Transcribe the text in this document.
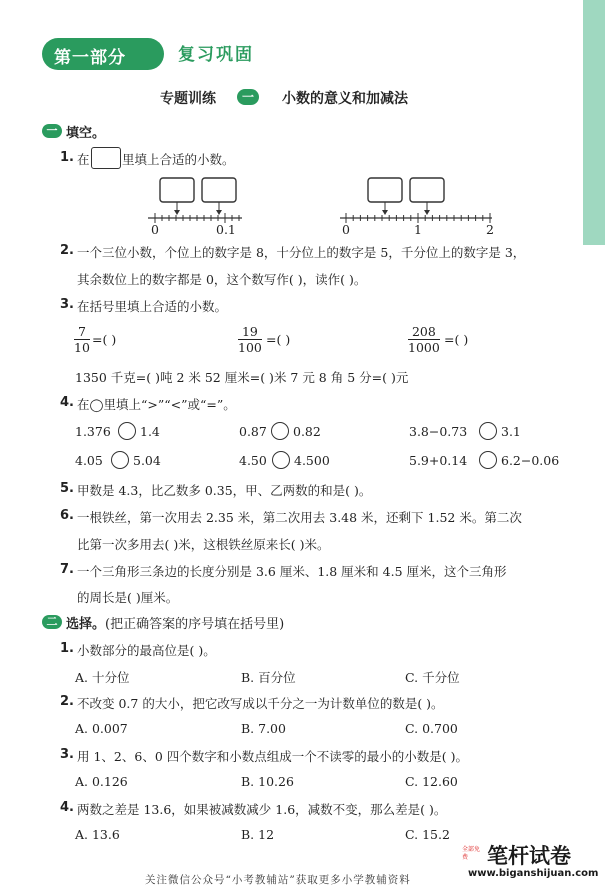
第一部分	复习巩固
专题训练	一	小数的意义和加减法
一 填空。
1. 在	里填上合适的小数。
0	0.1	0	1	2
2. 一个三位小数，个位上的数字是 8，十分位上的数字是 5，千分位上的数字是 3，
其余数位上的数字都是 0，这个数写作( )，读作( )。
3. 在括号里填上合适的小数。
$\frac{7}{10}$ =( )	$\frac{19}{100}$ =( )	$\frac{208}{1000}$ =( )
1350 千克=( )吨 2 米 52 厘米=( )米 7 元 8 角 5 分=( )元
4. 在◯里填上“>”“<”或“=”。
1.376 1.4	0.87 0.82	3.8−0.73	3.1
4.05 5.04	4.50 4.500	5.9+0.14	6.2−0.06
5. 甲数是 4.3，比乙数多 0.35，甲、乙两数的和是( )。
6. 一根铁丝，第一次用去 2.35 米，第二次用去 3.48 米，还剩下 1.52 米。第二次
比第一次多用去( )米，这根铁丝原来长( )米。
7. 一个三角形三条边的长度分别是 3.6 厘米、1.8 厘米和 4.5 厘米，这个三角形
的周长是( )厘米。
二 选择。(把正确答案的序号填在括号里)
1. 小数部分的最高位是( )。
A. 十分位	B. 百分位	C. 千分位
2. 不改变 0.7 的大小，把它改写成以千分之一为计数单位的数是( )。
A. 0.007	B. 7.00	C. 0.700
3. 用 1、2、6、0 四个数字和小数点组成一个不读零的最小的小数是( )。
A. 0.126	B. 10.26	C. 12.60
4. 两数之差是 13.6，如果被减数减少 1.6，减数不变，那么差是( )。
A. 13.6	B. 12	C. 15.2
关注微信公众号“小考教辅站”获取更多小学教辅资料
全部免费 笔杆试卷
www.biganshijuan.com
